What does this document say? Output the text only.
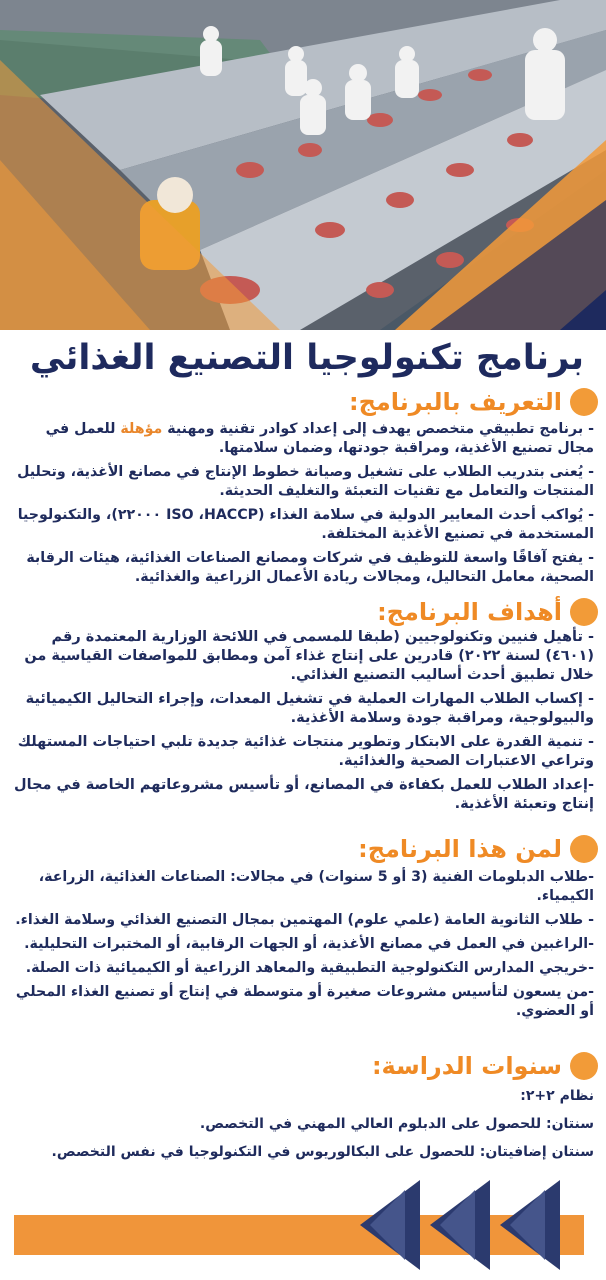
برنامج تكنولوجيا التصنيع الغذائي
التعريف بالبرنامج:

- برنامج تطبيقي متخصص يهدف إلى إعداد كوادر تقنية ومهنية مؤهلة للعمل في مجال تصنيع الأغذية، ومراقبة جودتها، وضمان سلامتها.

- يُعنى بتدريب الطلاب على تشغيل وصيانة خطوط الإنتاج في مصانع الأغذية، وتحليل المنتجات والتعامل مع تقنيات التعبئة والتغليف الحديثة.

- يُواكب أحدث المعايير الدولية في سلامة الغذاء (ISO ،HACCP ٢٢٠٠٠)، والتكنولوجيا المستخدمة في تصنيع الأغذية المختلفة.

- يفتح آفاقًا واسعة للتوظيف في شركات ومصانع الصناعات الغذائية، هيئات الرقابة الصحية، معامل التحاليل، ومجالات ريادة الأعمال الزراعية والغذائية.

أهداف البرنامج:

- تأهيل فنيين وتكنولوجيين (طبقا للمسمى في اللائحة الوزارية المعتمدة رقم (٤٦٠١) لسنة ٢٠٢٢) قادرين على إنتاج غذاء آمن ومطابق للمواصفات القياسية من خلال تطبيق أحدث أساليب التصنيع الغذائي.

- إكساب الطلاب المهارات العملية في تشغيل المعدات، وإجراء التحاليل الكيميائية والبيولوجية، ومراقبة جودة وسلامة الأغذية.

- تنمية القدرة على الابتكار وتطوير منتجات غذائية جديدة تلبي احتياجات المستهلك وتراعي الاعتبارات الصحية والغذائية.

-إعداد الطلاب للعمل بكفاءة في المصانع، أو تأسيس مشروعاتهم الخاصة في مجال إنتاج وتعبئة الأغذية.

لمن هذا البرنامج:

-طلاب الدبلومات الفنية (3 أو 5 سنوات) في مجالات: الصناعات الغذائية، الزراعة، الكيمياء.

- طلاب الثانوية العامة (علمي علوم) المهتمين بمجال التصنيع الغذائي وسلامة الغذاء.

-الراغبين في العمل في مصانع الأغذية، أو الجهات الرقابية، أو المختبرات التحليلية.

-خريجي المدارس التكنولوجية التطبيقية والمعاهد الزراعية أو الكيميائية ذات الصلة.

-من يسعون لتأسيس مشروعات صغيرة أو متوسطة في إنتاج أو تصنيع الغذاء المحلي أو العضوي.

سنوات الدراسة:

نظام ٢+٢:

سنتان: للحصول على الدبلوم العالي المهني في التخصص.

سنتان إضافيتان: للحصول على البكالوريوس في التكنولوجيا في نفس التخصص.
